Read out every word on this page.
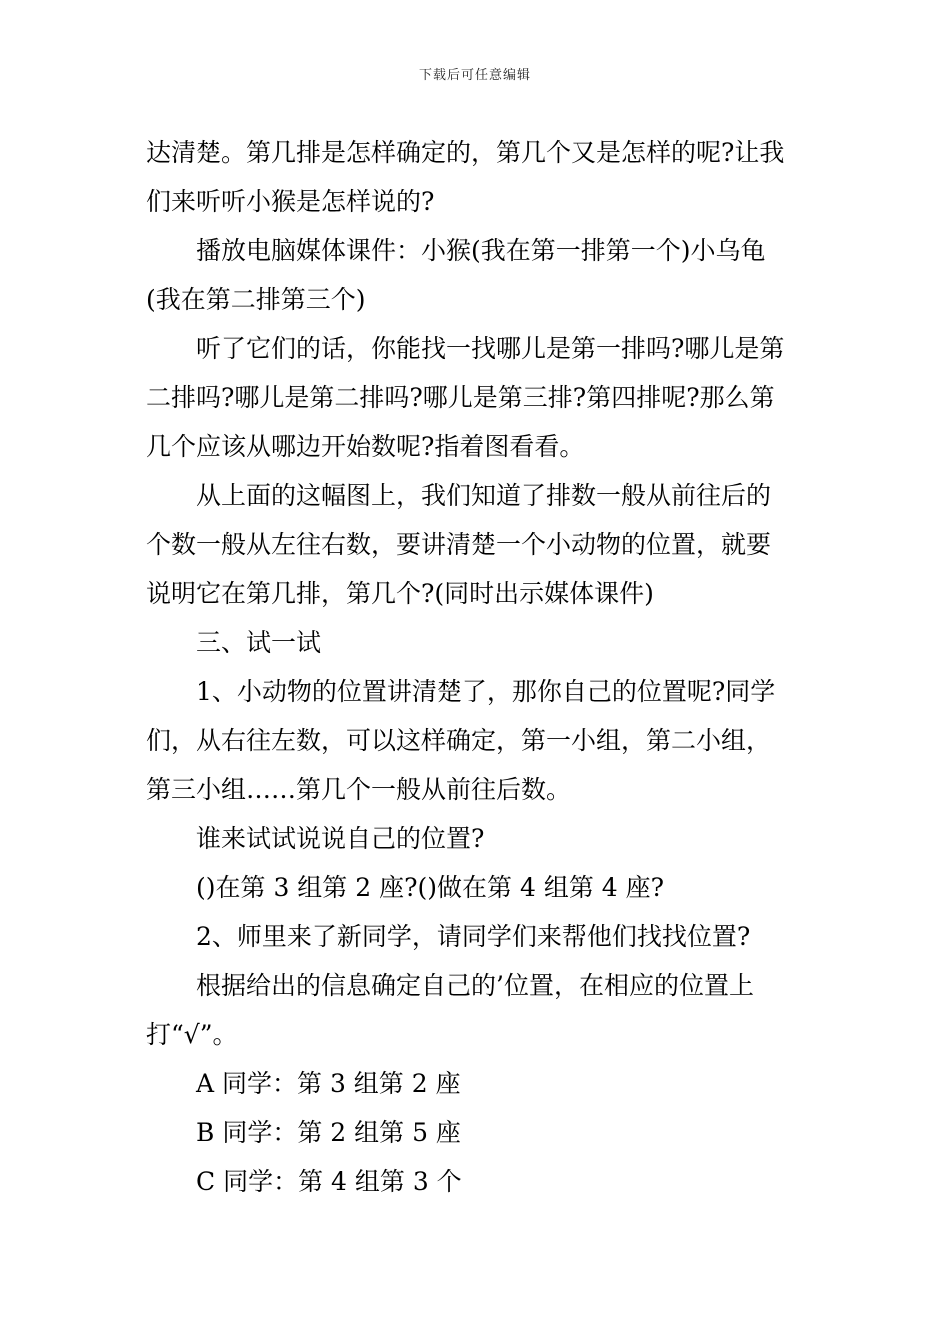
下载后可任意编辑

达清楚。第几排是怎样确定的，第几个又是怎样的呢?让我

们来听听小猴是怎样说的?

播放电脑媒体课件：小猴(我在第一排第一个)小乌龟

(我在第二排第三个)

听了它们的话，你能找一找哪儿是第一排吗?哪儿是第

二排吗?哪儿是第二排吗?哪儿是第三排?第四排呢?那么第

几个应该从哪边开始数呢?指着图看看。

从上面的这幅图上，我们知道了排数一般从前往后的

个数一般从左往右数，要讲清楚一个小动物的位置，就要

说明它在第几排，第几个?(同时出示媒体课件)

三、试一试

1、小动物的位置讲清楚了，那你自己的位置呢?同学

们，从右往左数，可以这样确定，第一小组，第二小组，

第三小组……第几个一般从前往后数。

谁来试试说说自己的位置?

()在第 3 组第 2 座?()做在第 4 组第 4 座?

2、师里来了新同学，请同学们来帮他们找找位置?

根据给出的信息确定自己的’位置，在相应的位置上

打“√”。

A 同学：第 3 组第 2 座

B 同学：第 2 组第 5 座

C 同学：第 4 组第 3 个
